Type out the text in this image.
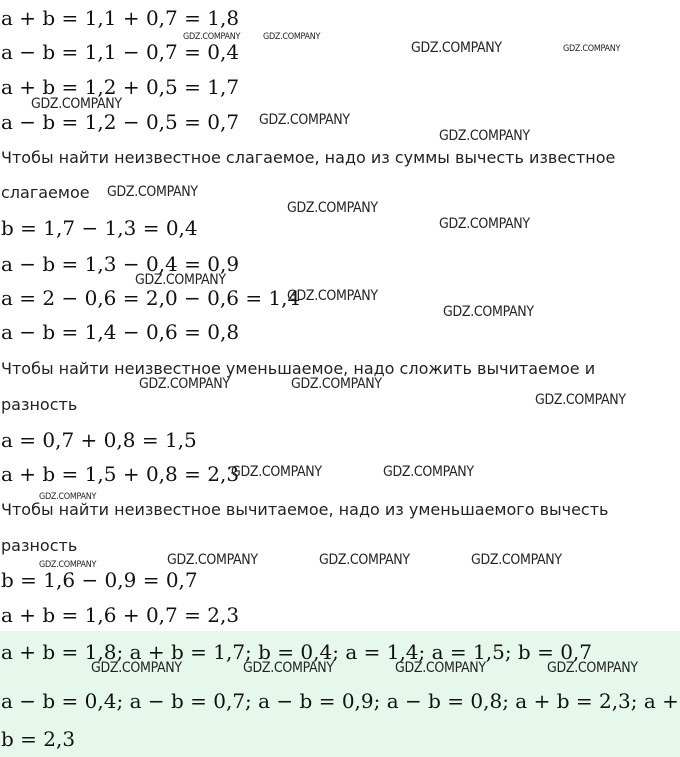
a + b = 1,1 + 0,7 = 1,8
a − b = 1,1 − 0,7 = 0,4
a + b = 1,2 + 0,5 = 1,7
a − b = 1,2 − 0,5 = 0,7
Чтобы найти неизвестное слагаемое, надо из суммы вычесть известное
слагаемое
b = 1,7 − 1,3 = 0,4
a − b = 1,3 − 0,4 = 0,9
a = 2 − 0,6 = 2,0 − 0,6 = 1,4
a − b = 1,4 − 0,6 = 0,8
Чтобы найти неизвестное уменьшаемое, надо сложить вычитаемое и
разность
a = 0,7 + 0,8 = 1,5
a + b = 1,5 + 0,8 = 2,3
Чтобы найти неизвестное вычитаемое, надо из уменьшаемого вычесть
разность
b = 1,6 − 0,9 = 0,7
a + b = 1,6 + 0,7 = 2,3
a + b = 1,8; a + b = 1,7; b = 0,4; a = 1,4; a = 1,5; b = 0,7
a − b = 0,4; a − b = 0,7; a − b = 0,9; a − b = 0,8; a + b = 2,3; a +
b = 2,3
GDZ.COMPANY	GDZ.COMPANY
GDZ.COMPANY	GDZ.COMPANY
GDZ.COMPANY
GDZ.COMPANY
GDZ.COMPANY
GDZ.COMPANY
GDZ.COMPANY
GDZ.COMPANY
GDZ.COMPANY
GDZ.COMPANY
GDZ.COMPANY
GDZ.COMPANY	GDZ.COMPANY
GDZ.COMPANY
GDZ.COMPANY	GDZ.COMPANY
GDZ.COMPANY
GDZ.COMPANY	GDZ.COMPANY	GDZ.COMPANY	GDZ.COMPANY
GDZ.COMPANY	GDZ.COMPANY	GDZ.COMPANY	GDZ.COMPANY
